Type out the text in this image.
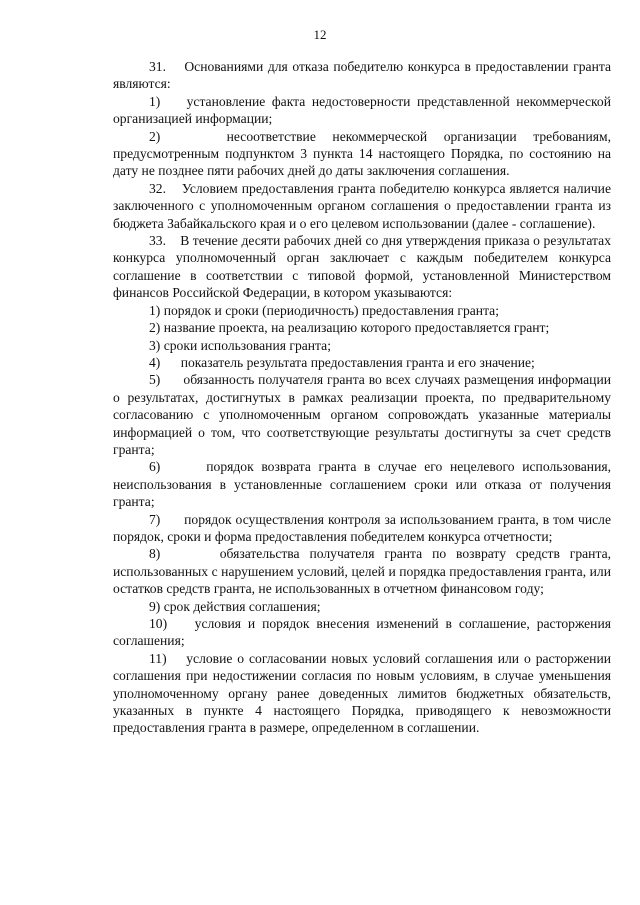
12

31.    Основаниями для отказа победителю конкурса в предоставлении гранта являются:

1)    установление факта недостоверности представленной некоммерческой организацией информации;

2)    несоответствие некоммерческой организации требованиям, предусмотренным подпунктом 3 пункта 14 настоящего Порядка, по состоянию на дату не позднее пяти рабочих дней до даты заключения соглашения.

32.    Условием предоставления гранта победителю конкурса является наличие заключенного с уполномоченным органом соглашения о предоставлении гранта из бюджета Забайкальского края и о его целевом использовании (далее - соглашение).

33.    В течение десяти рабочих дней со дня утверждения приказа о результатах конкурса уполномоченный орган заключает с каждым победителем конкурса соглашение в соответствии с типовой формой, установленной Министерством финансов Российской Федерации, в котором указываются:

1) порядок и сроки (периодичность) предоставления гранта;

2) название проекта, на реализацию которого предоставляется грант;

3) сроки использования гранта;

4)      показатель результата предоставления гранта и его значение;

5)      обязанность получателя гранта во всех случаях размещения информации о результатах, достигнутых в рамках реализации проекта, по предварительному согласованию с уполномоченным органом сопровождать указанные материалы информацией о том, что соответствующие результаты достигнуты за счет средств гранта;

6)      порядок возврата гранта в случае его нецелевого использования, неиспользования в установленные соглашением сроки или отказа от получения гранта;

7)      порядок осуществления контроля за использованием гранта, в том числе порядок, сроки и форма предоставления победителем конкурса отчетности;

8)      обязательства получателя гранта по возврату средств гранта, использованных с нарушением условий, целей и порядка предоставления гранта, или остатков средств гранта, не использованных в отчетном финансовом году;

9) срок действия соглашения;

10)    условия и порядок внесения изменений в соглашение, расторжения соглашения;

11)    условие о согласовании новых условий соглашения или о расторжении соглашения при недостижении согласия по новым условиям, в случае уменьшения уполномоченному органу ранее доведенных лимитов бюджетных обязательств, указанных в пункте 4 настоящего Порядка, приводящего к невозможности предоставления гранта в размере, определенном в соглашении.
